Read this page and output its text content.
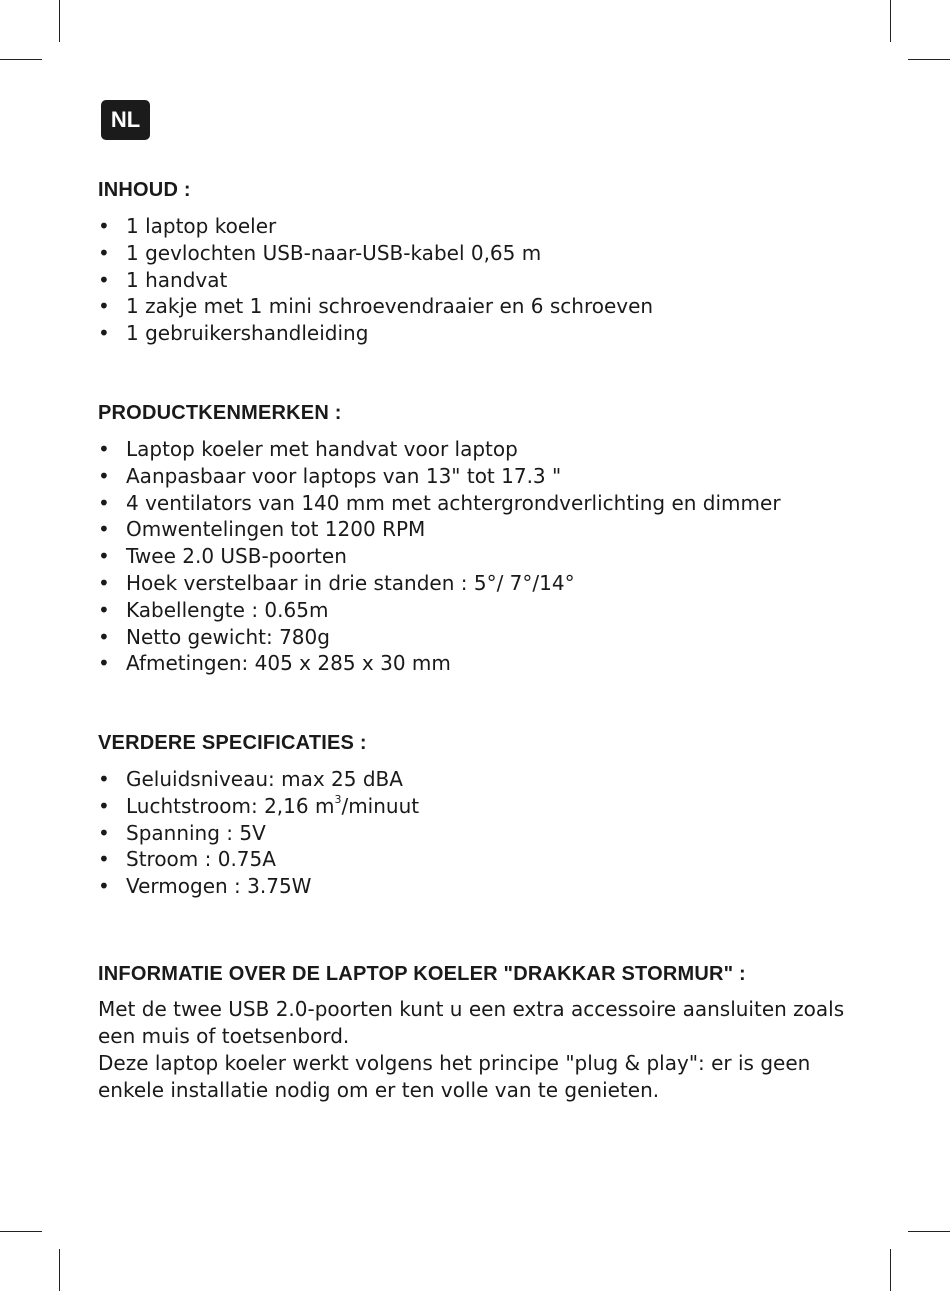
NL
INHOUD :
• 1 laptop koeler
• 1 gevlochten USB-naar-USB-kabel 0,65 m
• 1 handvat
• 1 zakje met 1 mini schroevendraaier en 6 schroeven
• 1 gebruikershandleiding
PRODUCTKENMERKEN :
• Laptop koeler met handvat voor laptop
• Aanpasbaar voor laptops van 13" tot 17.3 "
• 4 ventilators van 140 mm met achtergrondverlichting en dimmer
• Omwentelingen tot 1200 RPM
• Twee 2.0 USB-poorten
• Hoek verstelbaar in drie standen : 5°/ 7°/14°
• Kabellengte : 0.65m
• Netto gewicht: 780g
• Afmetingen: 405 x 285 x 30 mm
VERDERE SPECIFICATIES :
• Geluidsniveau: max 25 dBA
• Luchtstroom: 2,16 $m^3$/minuut
• Spanning : 5V
• Stroom : 0.75A
• Vermogen : 3.75W
INFORMATIE OVER DE LAPTOP KOELER "DRAKKAR STORMUR" :

Met de twee USB 2.0-poorten kunt u een extra accessoire aansluiten zoals een muis of toetsenbord.

Deze laptop koeler werkt volgens het principe "plug & play": er is geen enkele installatie nodig om er ten volle van te genieten.
